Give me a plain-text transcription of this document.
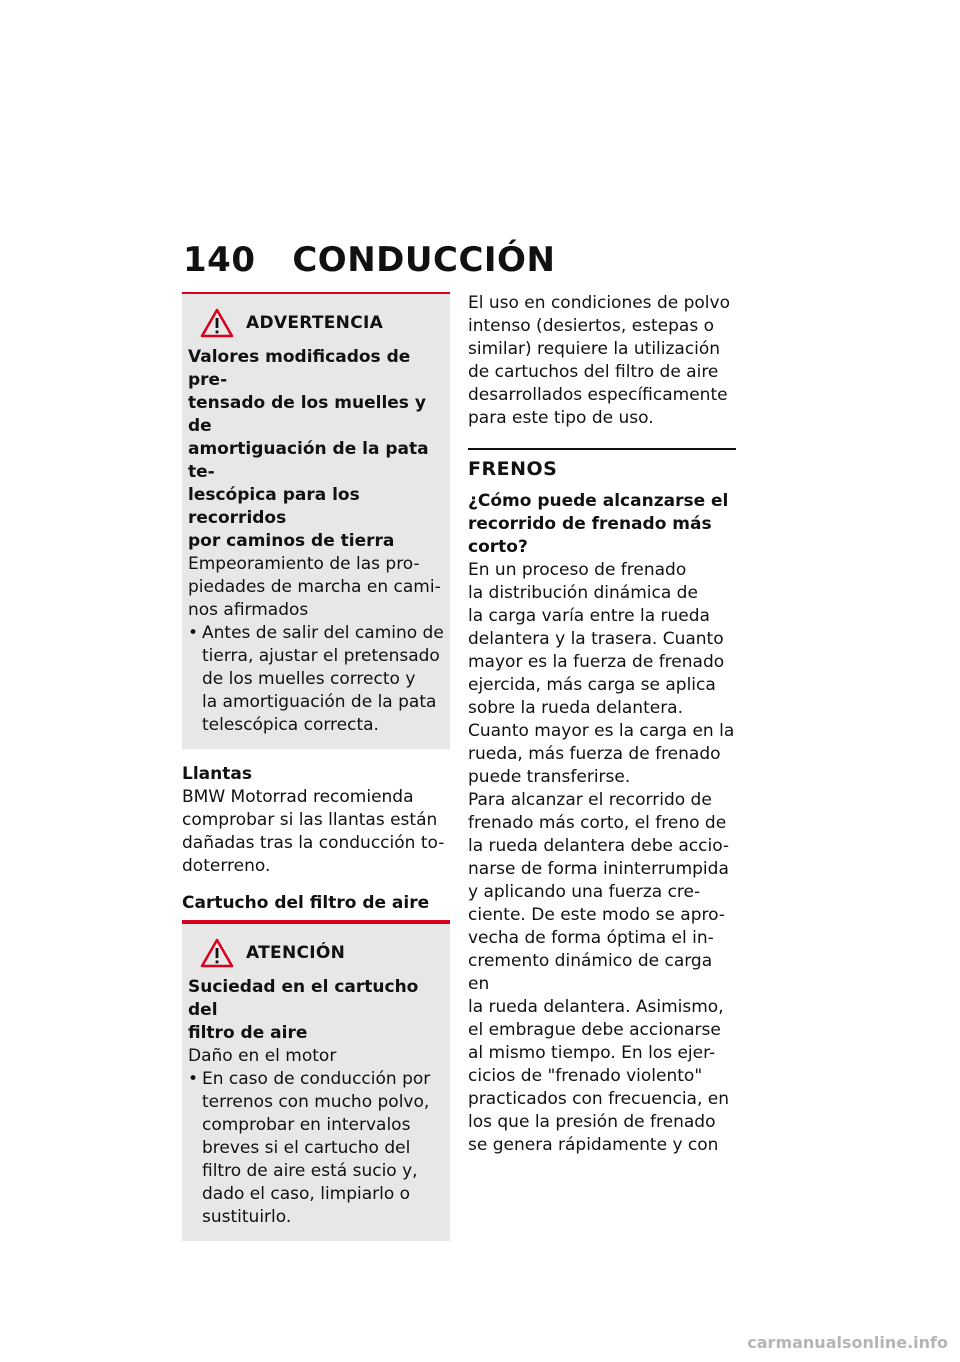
140 CONDUCCIÓN
ADVERTENCIA
Valores modificados de pre-
tensado de los muelles y de
amortiguación de la pata te-
lescópica para los recorridos
por caminos de tierra
Empeoramiento de las pro-
piedades de marcha en cami-
nos afirmados
• Antes de salir del camino de
tierra, ajustar el pretensado
de los muelles correcto y
la amortiguación de la pata
telescópica correcta.
Llantas
BMW Motorrad recomienda
comprobar si las llantas están
dañadas tras la conducción to-
doterreno.
Cartucho del filtro de aire
ATENCIÓN
Suciedad en el cartucho del
filtro de aire
Daño en el motor
• En caso de conducción por
terrenos con mucho polvo,
comprobar en intervalos
breves si el cartucho del
filtro de aire está sucio y,
dado el caso, limpiarlo o
sustituirlo.
El uso en condiciones de polvo
intenso (desiertos, estepas o
similar) requiere la utilización
de cartuchos del filtro de aire
desarrollados específicamente
para este tipo de uso.
FRENOS
¿Cómo puede alcanzarse el
recorrido de frenado más
corto?
En un proceso de frenado
la distribución dinámica de
la carga varía entre la rueda
delantera y la trasera. Cuanto
mayor es la fuerza de frenado
ejercida, más carga se aplica
sobre la rueda delantera.
Cuanto mayor es la carga en la
rueda, más fuerza de frenado
puede transferirse.
Para alcanzar el recorrido de
frenado más corto, el freno de
la rueda delantera debe accio-
narse de forma ininterrumpida
y aplicando una fuerza cre-
ciente. De este modo se apro-
vecha de forma óptima el in-
cremento dinámico de carga en
la rueda delantera. Asimismo,
el embrague debe accionarse
al mismo tiempo. En los ejer-
cicios de "frenado violento"
practicados con frecuencia, en
los que la presión de frenado
se genera rápidamente y con
carmanualsonline.info
